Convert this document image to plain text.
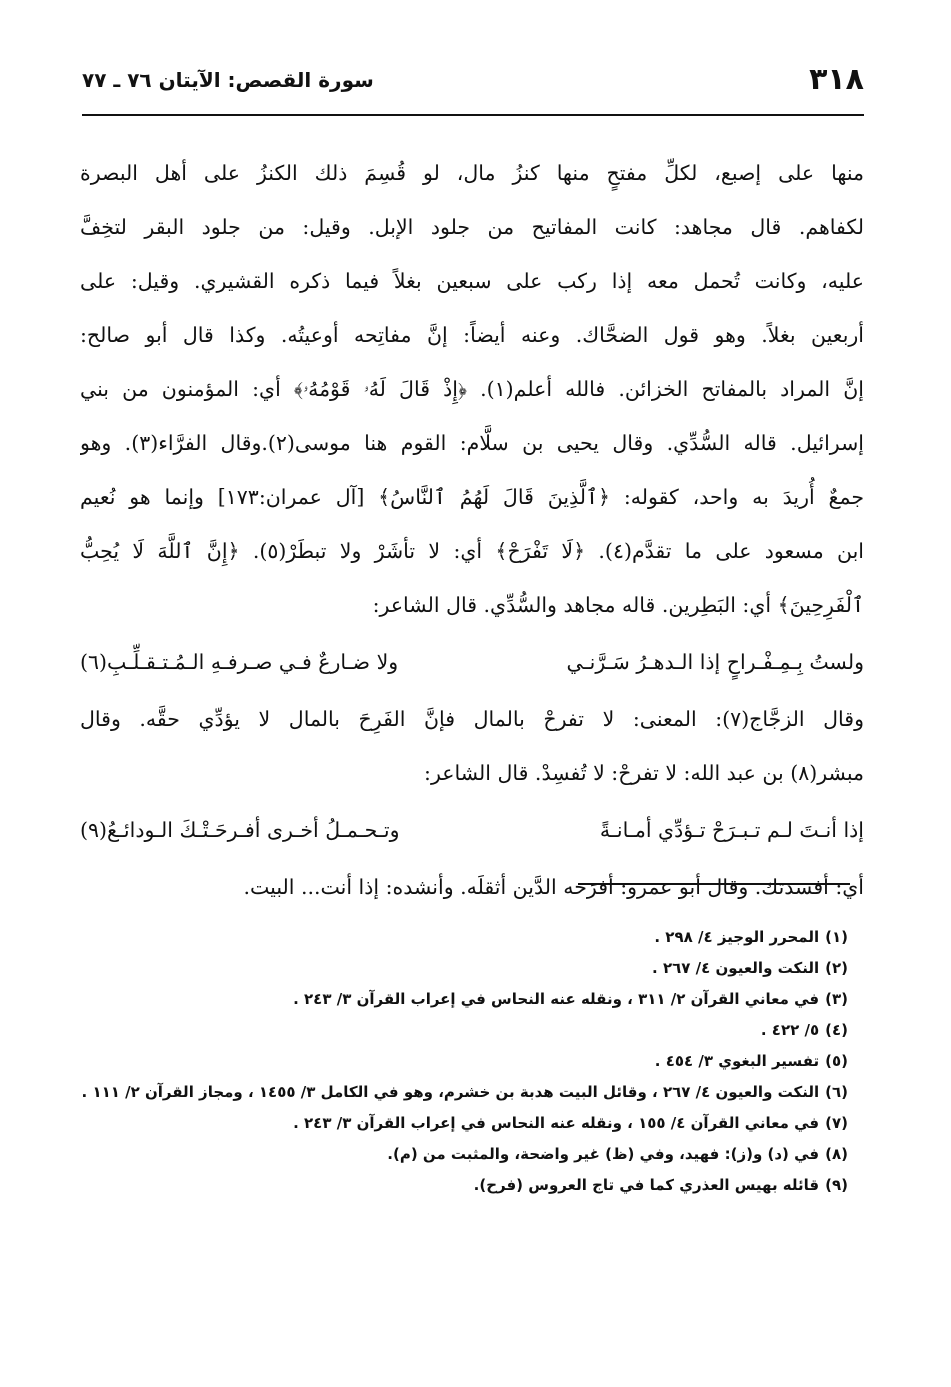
٣١٨
سورة القصص: الآيتان ٧٦ ـ ٧٧
منها على إصبع، لكلِّ مفتحٍ منها كنزُ مال، لو قُسِمَ ذلك الكنزُ على أهل البصرة
لكفاهم. قال مجاهد: كانت المفاتيح من جلود الإبل. وقيل: من جلود البقر لتخِفَّ
عليه، وكانت تُحمل معه إذا ركب على سبعين بغلاً فيما ذكره القشيري. وقيل: على
أربعين بغلاً. وهو قول الضحَّاك. وعنه أيضاً: إنَّ مفاتِحه أوعيتُه. وكذا قال أبو صالح:
إنَّ المراد بالمفاتح الخزائن. فالله أعلم(١). ﴿إِذْ قَالَ لَهُۥ قَوْمُهُۥ﴾ أي: المؤمنون من بني
إسرائيل. قاله السُّدِّي. وقال يحيى بن سلَّام: القوم هنا موسى(٢).وقال الفرَّاء(٣). وهو
جمعٌ أُريدَ به واحد، كقوله: ﴿ٱلَّذِينَ قَالَ لَهُمُ ٱلنَّاسُ﴾ [آل عمران:١٧٣] وإنما هو نُعيم
ابن مسعود على ما تقدَّم(٤). ﴿لَا تَفْرَحْ﴾ أي: لا تأشَرْ ولا تبطَرْ(٥). ﴿إِنَّ ٱللَّهَ لَا يُحِبُّ
ٱلْفَرِحِينَ﴾ أي: البَطِرين. قاله مجاهد والسُّدِّي. قال الشاعر:
ولستُ بِـمِـفْـراحٍ إذا الـدهـرُ سَـرَّنـي
ولا ضـارعٌ فـي صـرفـهِ الـمُـتـقـلِّـبِ(٦)
وقال الزجَّاج(٧): المعنى: لا تفرحْ بالمال فإنَّ الفَرِحَ بالمال لا يؤدِّي حقَّه. وقال
مبشر(٨) بن عبد الله: لا تفرحْ: لا تُفسِدْ. قال الشاعر:
إذا أنـتَ لـم تـبـرَحْ تـؤدِّي أمـانـةً
وتـحـمـلُ أخـرى أفـرحَـتْـكَ الـودائـعُ(٩)
أي: أفسدتك. وقال أبو عمرو: أفرَحه الدَّين أثقلَه. وأنشده: إذا أنت... البيت.
(١)المحرر الوجيز ٤/ ٢٩٨ .
(٢)النكت والعيون ٤/ ٢٦٧ .
(٣)في معاني القرآن ٢/ ٣١١ ، ونقله عنه النحاس في إعراب القرآن ٣/ ٢٤٣ .
(٤)٥/ ٤٢٢ .
(٥)تفسير البغوي ٣/ ٤٥٤ .
(٦)النكت والعيون ٤/ ٢٦٧ ، وقائل البيت هدبة بن خشرم، وهو في الكامل ٣/ ١٤٥٥ ، ومجاز القرآن ٢/ ١١١ .
(٧)في معاني القرآن ٤/ ١٥٥ ، ونقله عنه النحاس في إعراب القرآن ٣/ ٢٤٣ .
(٨)في (د) و(ز): فهيد، وفي (ظ) غير واضحة، والمثبت من (م).
(٩)قائله بهيس العذري كما في تاج العروس (فرح).
